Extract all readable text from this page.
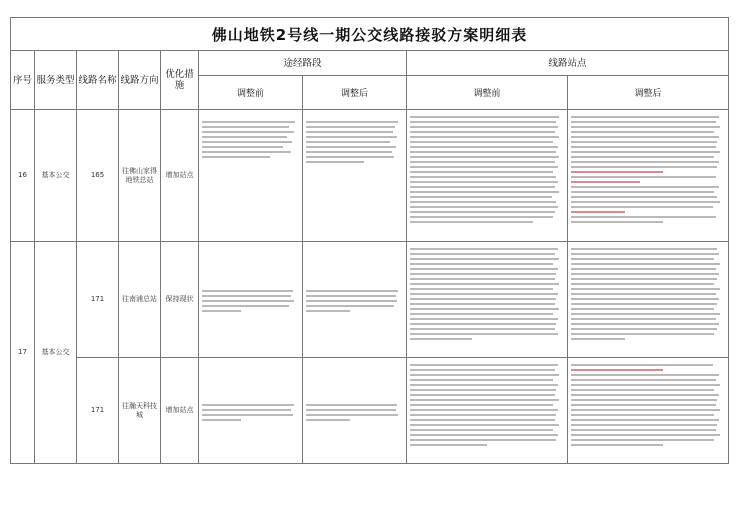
佛山地铁2号线一期公交线路接驳方案明细表								
序号	服务类型	线路名称	线路方向	优化措施	途经路段		线路站点	
					调整前	调整后	调整前	调整后
16	基本公交	165	往佛山家得地铁总站	增加站点	

17	基本公交	171	往南浦总站	保持现状	

		171	往瀚天科技城	增加站点	
